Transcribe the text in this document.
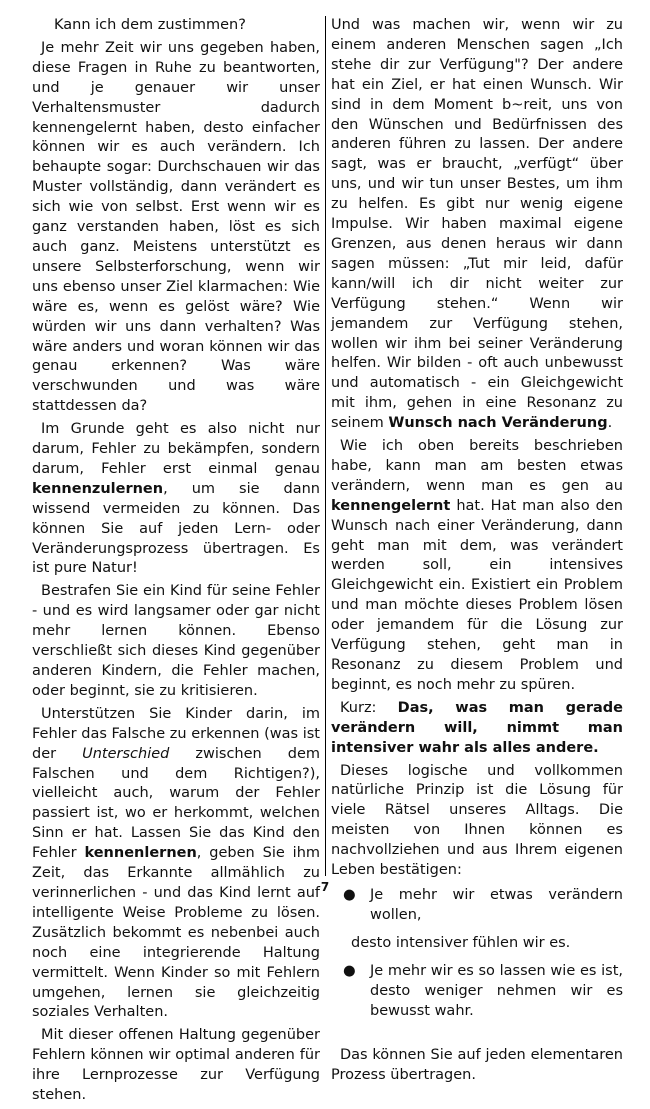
Kann ich dem zustimmen?

Je mehr Zeit wir uns gegeben haben, diese Fragen in Ruhe zu beantworten, und je genauer wir unser Verhaltensmuster dadurch kennengelernt haben, desto einfacher können wir es auch verändern. Ich behaupte sogar: Durchschauen wir das Muster vollständig, dann verändert es sich wie von selbst. Erst wenn wir es ganz verstanden haben, löst es sich auch ganz. Meistens unterstützt es unsere Selbsterforschung, wenn wir uns ebenso unser Ziel klarmachen: Wie wäre es, wenn es gelöst wäre? Wie würden wir uns dann verhalten? Was wäre anders und woran können wir das genau erkennen? Was wäre verschwunden und was wäre stattdessen da?

Im Grunde geht es also nicht nur darum, Fehler zu bekämpfen, sondern darum, Fehler erst einmal genau kennenzulernen, um sie dann wissend vermeiden zu können. Das können Sie auf jeden Lern- oder Veränderungsprozess übertragen. Es ist pure Natur!

Bestrafen Sie ein Kind für seine Fehler - und es wird langsamer oder gar nicht mehr lernen können. Ebenso verschließt sich dieses Kind gegenüber anderen Kindern, die Fehler machen, oder beginnt, sie zu kritisieren.

Unterstützen Sie Kinder darin, im Fehler das Falsche zu erkennen (was ist der Unterschied zwischen dem Falschen und dem Richtigen?), vielleicht auch, warum der Fehler passiert ist, wo er herkommt, welchen Sinn er hat. Lassen Sie das Kind den Fehler kennenlernen, geben Sie ihm Zeit, das Erkannte allmählich zu verinnerlichen - und das Kind lernt auf intelligente Weise Probleme zu lösen. Zusätzlich bekommt es nebenbei auch noch eine integrierende Haltung vermittelt. Wenn Kinder so mit Fehlern umgehen, lernen sie gleichzeitig soziales Verhalten.

Mit dieser offenen Haltung gegenüber Fehlern können wir optimal anderen für ihre Lernprozesse zur Verfügung stehen.

Und was machen wir, wenn wir zu einem anderen Menschen sagen „Ich stehe dir zur Verfügung"? Der andere hat ein Ziel, er hat einen Wunsch. Wir sind in dem Moment b~reit, uns von den Wünschen und Bedürfnissen des anderen führen zu lassen. Der andere sagt, was er braucht, „verfügt“ über uns, und wir tun unser Bestes, um ihm zu helfen. Es gibt nur wenig eigene Impulse. Wir haben maximal eigene Grenzen, aus denen heraus wir dann sagen müssen: „Tut mir leid, dafür kann/will ich dir nicht weiter zur Verfügung stehen.“ Wenn wir jemandem zur Verfügung stehen, wollen wir ihm bei seiner Veränderung helfen. Wir bilden - oft auch unbewusst und automatisch - ein Gleichgewicht mit ihm, gehen in eine Resonanz zu seinem Wunsch nach Veränderung.

Wie ich oben bereits beschrieben habe, kann man am besten etwas verändern, wenn man es gen au kennengelernt hat. Hat man also den Wunsch nach einer Veränderung, dann geht man mit dem, was verändert werden soll, ein intensives Gleichgewicht ein. Existiert ein Problem und man möchte dieses Problem lösen oder jemandem für die Lösung zur Verfügung stehen, geht man in Resonanz zu diesem Problem und beginnt, es noch mehr zu spüren.

Kurz: Das, was man gerade verändern will, nimmt man intensiver wahr als alles andere.

Dieses logische und vollkommen natürliche Prinzip ist die Lösung für viele Rätsel unseres Alltags. Die meisten von Ihnen können es nachvollziehen und aus Ihrem eigenen Leben bestätigen:

● Je mehr wir etwas verändern wollen,

desto intensiver fühlen wir es.

● Je mehr wir es so lassen wie es ist, desto weniger nehmen wir es bewusst wahr.

Das können Sie auf jeden elementaren Prozess übertragen.

7
